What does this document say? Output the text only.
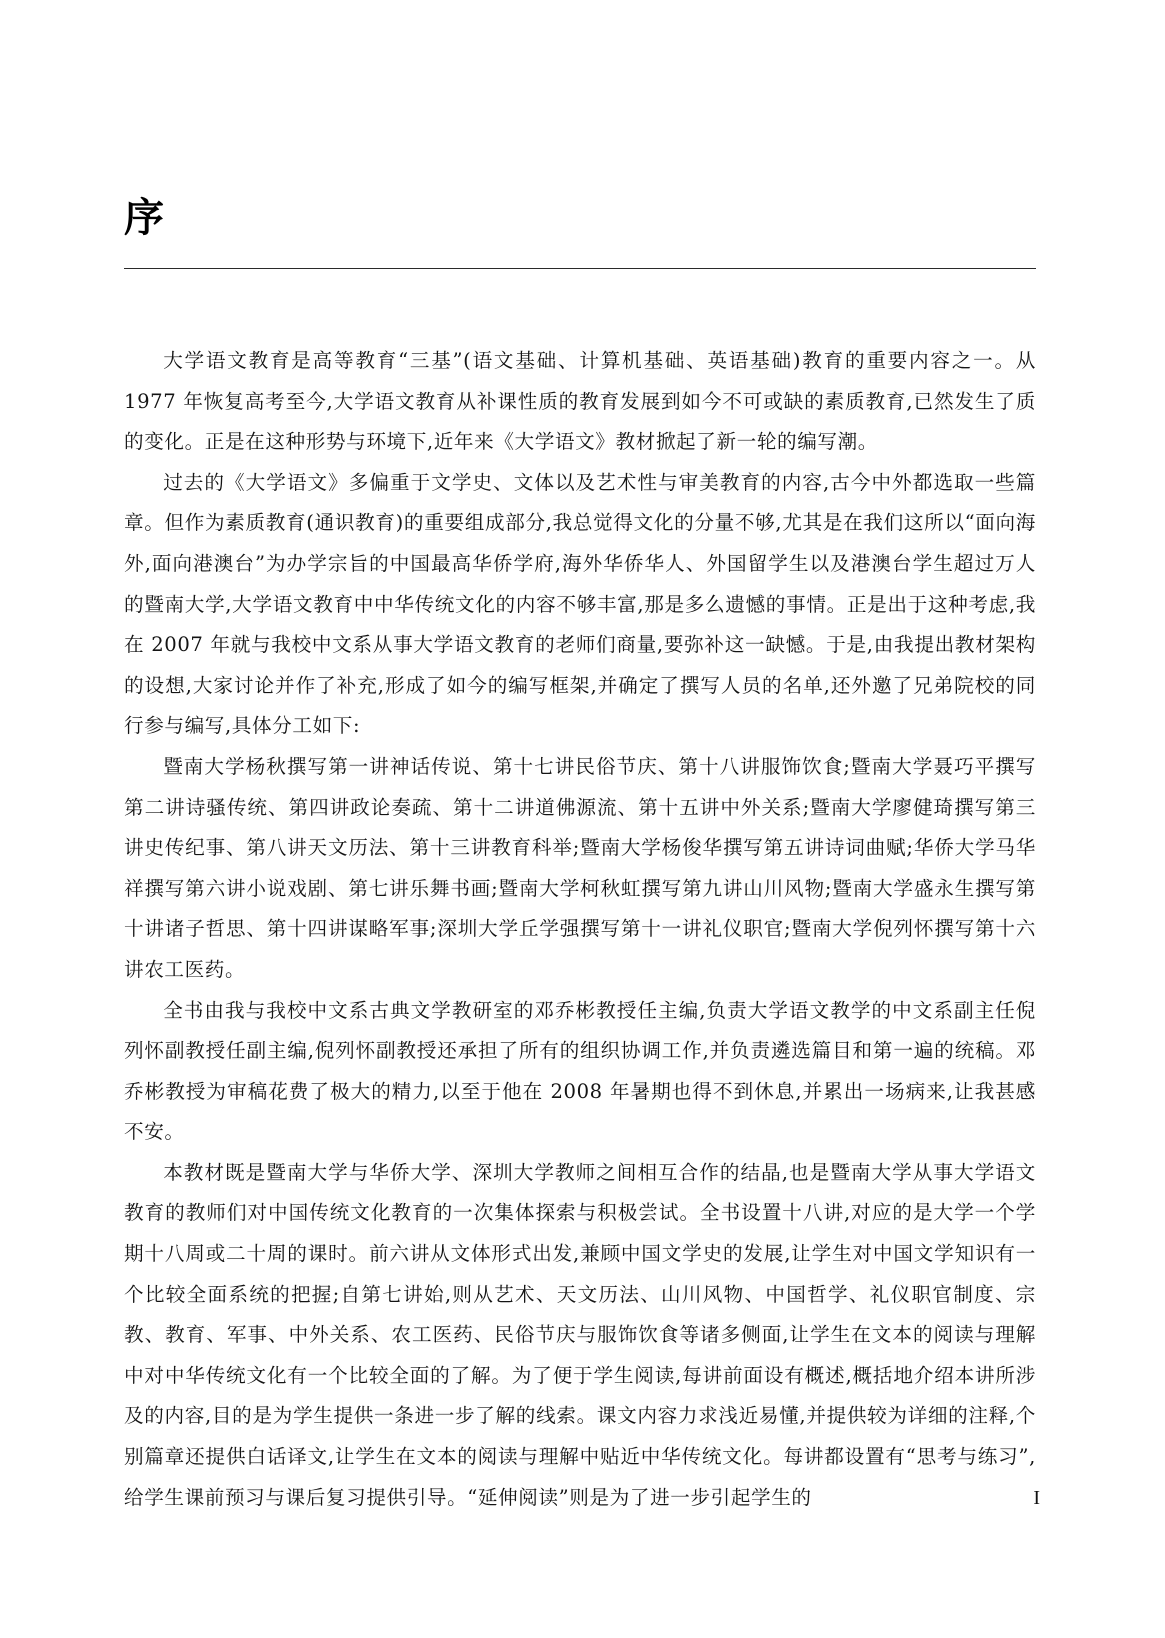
序

大学语文教育是高等教育“三基”(语文基础、计算机基础、英语基础)教育的重要内容之一。从 1977 年恢复高考至今,大学语文教育从补课性质的教育发展到如今不可或缺的素质教育,已然发生了质的变化。正是在这种形势与环境下,近年来《大学语文》教材掀起了新一轮的编写潮。

过去的《大学语文》多偏重于文学史、文体以及艺术性与审美教育的内容,古今中外都选取一些篇章。但作为素质教育(通识教育)的重要组成部分,我总觉得文化的分量不够,尤其是在我们这所以“面向海外,面向港澳台”为办学宗旨的中国最高华侨学府,海外华侨华人、外国留学生以及港澳台学生超过万人的暨南大学,大学语文教育中中华传统文化的内容不够丰富,那是多么遗憾的事情。正是出于这种考虑,我在 2007 年就与我校中文系从事大学语文教育的老师们商量,要弥补这一缺憾。于是,由我提出教材架构的设想,大家讨论并作了补充,形成了如今的编写框架,并确定了撰写人员的名单,还外邀了兄弟院校的同行参与编写,具体分工如下:

暨南大学杨秋撰写第一讲神话传说、第十七讲民俗节庆、第十八讲服饰饮食;暨南大学聂巧平撰写第二讲诗骚传统、第四讲政论奏疏、第十二讲道佛源流、第十五讲中外关系;暨南大学廖健琦撰写第三讲史传纪事、第八讲天文历法、第十三讲教育科举;暨南大学杨俊华撰写第五讲诗词曲赋;华侨大学马华祥撰写第六讲小说戏剧、第七讲乐舞书画;暨南大学柯秋虹撰写第九讲山川风物;暨南大学盛永生撰写第十讲诸子哲思、第十四讲谋略军事;深圳大学丘学强撰写第十一讲礼仪职官;暨南大学倪列怀撰写第十六讲农工医药。

全书由我与我校中文系古典文学教研室的邓乔彬教授任主编,负责大学语文教学的中文系副主任倪列怀副教授任副主编,倪列怀副教授还承担了所有的组织协调工作,并负责遴选篇目和第一遍的统稿。邓乔彬教授为审稿花费了极大的精力,以至于他在 2008 年暑期也得不到休息,并累出一场病来,让我甚感不安。

本教材既是暨南大学与华侨大学、深圳大学教师之间相互合作的结晶,也是暨南大学从事大学语文教育的教师们对中国传统文化教育的一次集体探索与积极尝试。全书设置十八讲,对应的是大学一个学期十八周或二十周的课时。前六讲从文体形式出发,兼顾中国文学史的发展,让学生对中国文学知识有一个比较全面系统的把握;自第七讲始,则从艺术、天文历法、山川风物、中国哲学、礼仪职官制度、宗教、教育、军事、中外关系、农工医药、民俗节庆与服饰饮食等诸多侧面,让学生在文本的阅读与理解中对中华传统文化有一个比较全面的了解。为了便于学生阅读,每讲前面设有概述,概括地介绍本讲所涉及的内容,目的是为学生提供一条进一步了解的线索。课文内容力求浅近易懂,并提供较为详细的注释,个别篇章还提供白话译文,让学生在文本的阅读与理解中贴近中华传统文化。每讲都设置有“思考与练习”,给学生课前预习与课后复习提供引导。“延伸阅读”则是为了进一步引起学生的	I
